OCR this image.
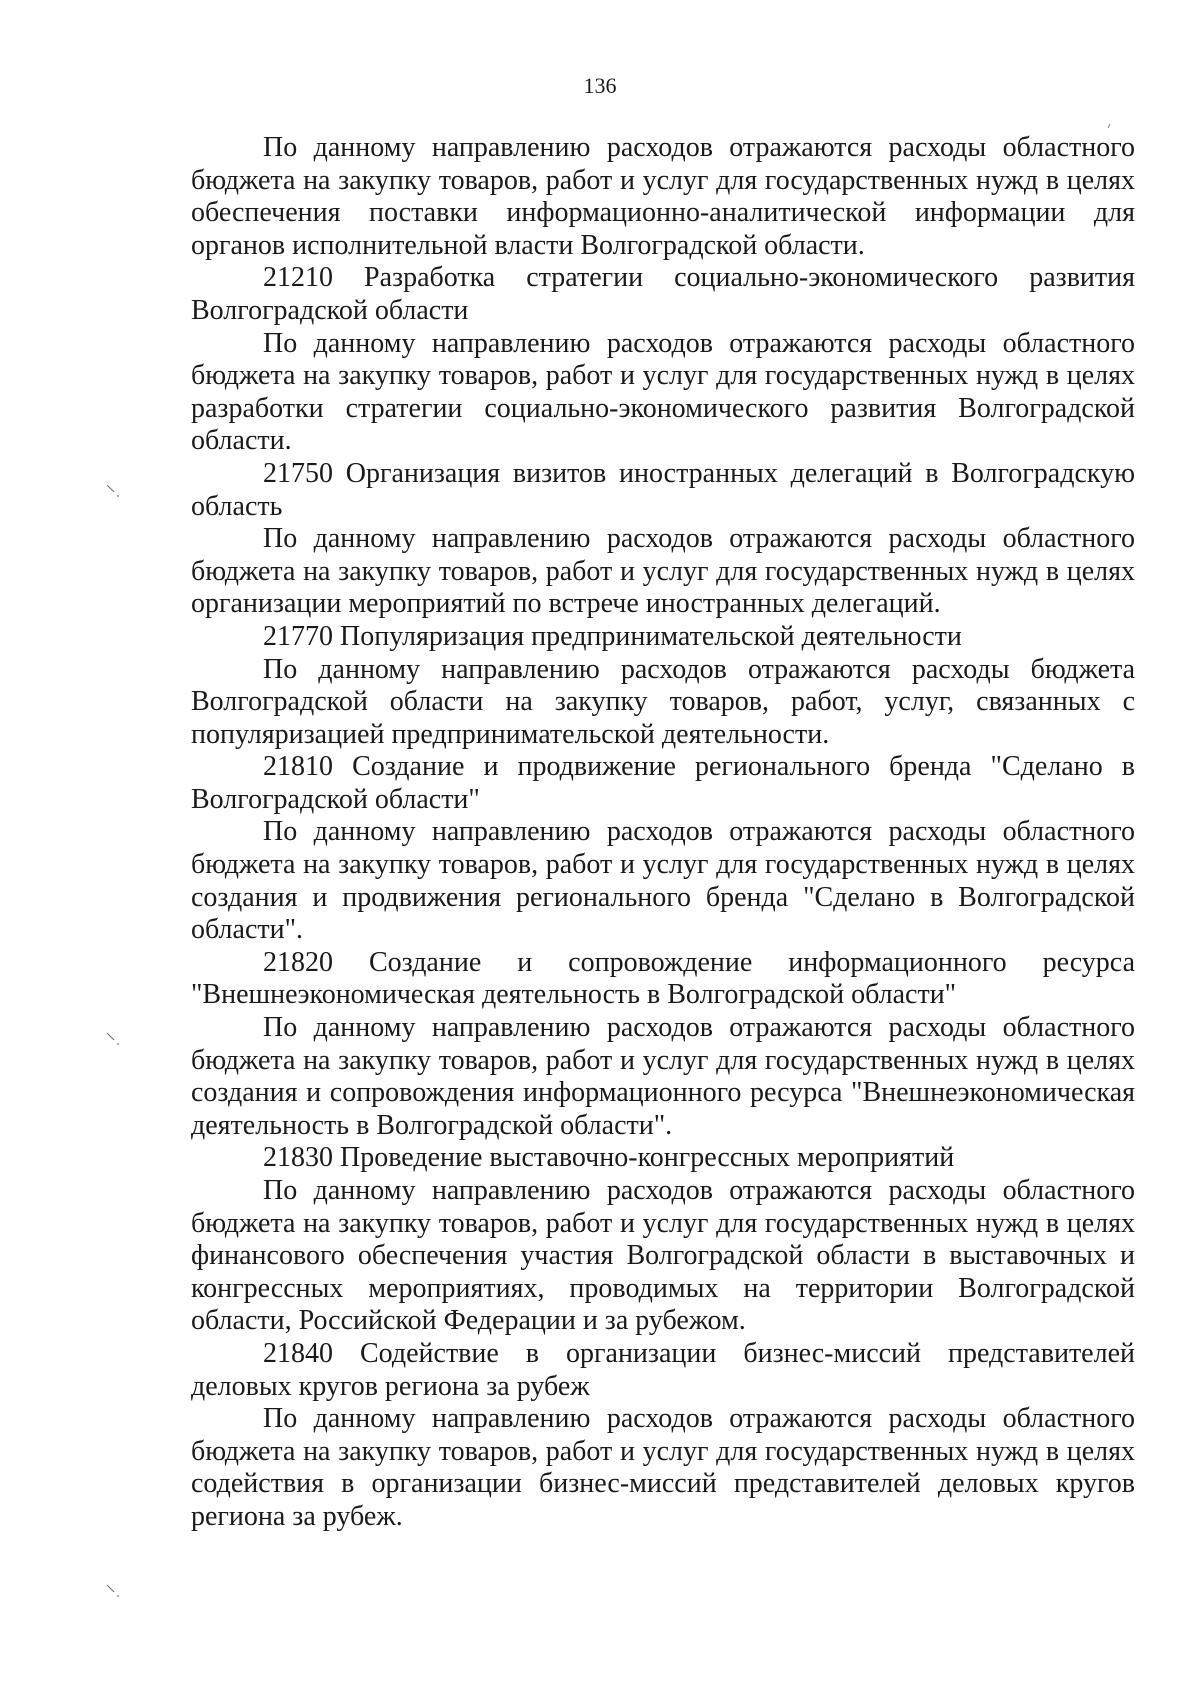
136

По данному направлению расходов отражаются расходы областного бюджета на закупку товаров, работ и услуг для государственных нужд в целях обеспечения поставки информационно-аналитической информации для органов исполнительной власти Волгоградской области.

21210 Разработка стратегии социально-экономического развития Волгоградской области

По данному направлению расходов отражаются расходы областного бюджета на закупку товаров, работ и услуг для государственных нужд в целях разработки стратегии социально-экономического развития Волгоградской области.

21750 Организация визитов иностранных делегаций в Волгоградскую область

По данному направлению расходов отражаются расходы областного бюджета на закупку товаров, работ и услуг для государственных нужд в целях организации мероприятий по встрече иностранных делегаций.

21770 Популяризация предпринимательской деятельности

По данному направлению расходов отражаются расходы бюджета Волгоградской области на закупку товаров, работ, услуг, связанных с популяризацией предпринимательской деятельности.

21810 Создание и продвижение регионального бренда "Сделано в Волгоградской области"

По данному направлению расходов отражаются расходы областного бюджета на закупку товаров, работ и услуг для государственных нужд в целях создания и продвижения регионального бренда "Сделано в Волгоградской области".

21820 Создание и сопровождение информационного ресурса "Внешнеэкономическая деятельность в Волгоградской области"

По данному направлению расходов отражаются расходы областного бюджета на закупку товаров, работ и услуг для государственных нужд в целях создания и сопровождения информационного ресурса "Внешнеэкономическая деятельность в Волгоградской области".

21830 Проведение выставочно-конгрессных мероприятий

По данному направлению расходов отражаются расходы областного бюджета на закупку товаров, работ и услуг для государственных нужд в целях финансового обеспечения участия Волгоградской области в выставочных и конгрессных мероприятиях, проводимых на территории Волгоградской области, Российской Федерации и за рубежом.

21840 Содействие в организации бизнес-миссий представителей деловых кругов региона за рубеж

По данному направлению расходов отражаются расходы областного бюджета на закупку товаров, работ и услуг для государственных нужд в целях содействия в организации бизнес-миссий представителей деловых кругов региона за рубеж.
